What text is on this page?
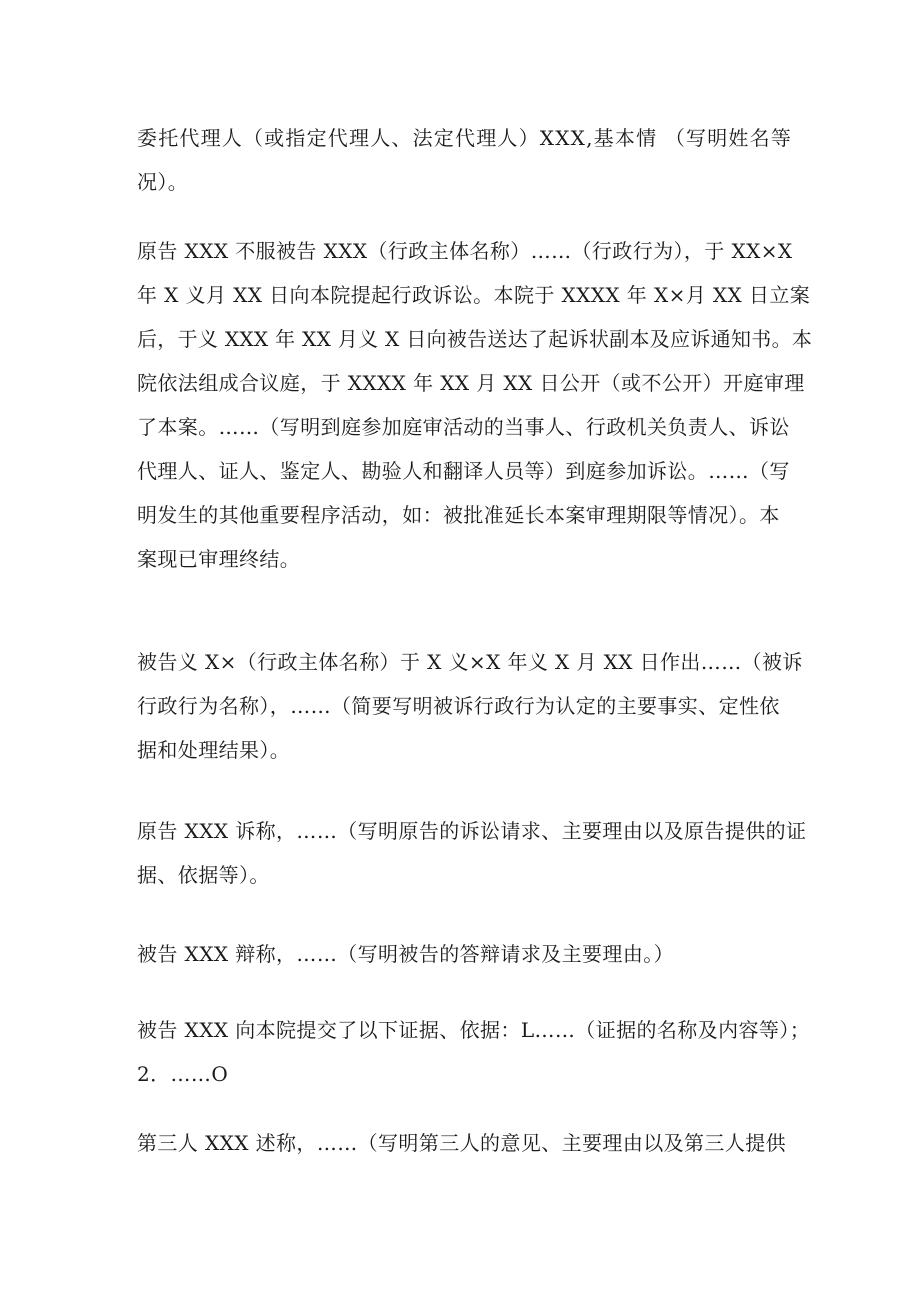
委托代理人（或指定代理人、法定代理人）XXX,基本情 （写明姓名等
况）。

原告 XXX 不服被告 XXX（行政主体名称）……（行政行为），于 XX×X
年 X 义月 XX 日向本院提起行政诉讼。本院于 XXXX 年 X×月 XX 日立案
后，于义 XXX 年 XX 月义 X 日向被告送达了起诉状副本及应诉通知书。本
院依法组成合议庭，于 XXXX 年 XX 月 XX 日公开（或不公开）开庭审理
了本案。……（写明到庭参加庭审活动的当事人、行政机关负责人、诉讼
代理人、证人、鉴定人、勘验人和翻译人员等）到庭参加诉讼。……（写
明发生的其他重要程序活动，如：被批准延长本案审理期限等情况）。本
案现已审理终结。

被告义 X×（行政主体名称）于 X 义×X 年义 X 月 XX 日作出……（被诉
行政行为名称），……（简要写明被诉行政行为认定的主要事实、定性依
据和处理结果）。

原告 XXX 诉称，……（写明原告的诉讼请求、主要理由以及原告提供的证
据、依据等）。

被告 XXX 辩称，……（写明被告的答辩请求及主要理由。）

被告 XXX 向本院提交了以下证据、依据：L……（证据的名称及内容等）；
2．……O

第三人 XXX 述称，……（写明第三人的意见、主要理由以及第三人提供
